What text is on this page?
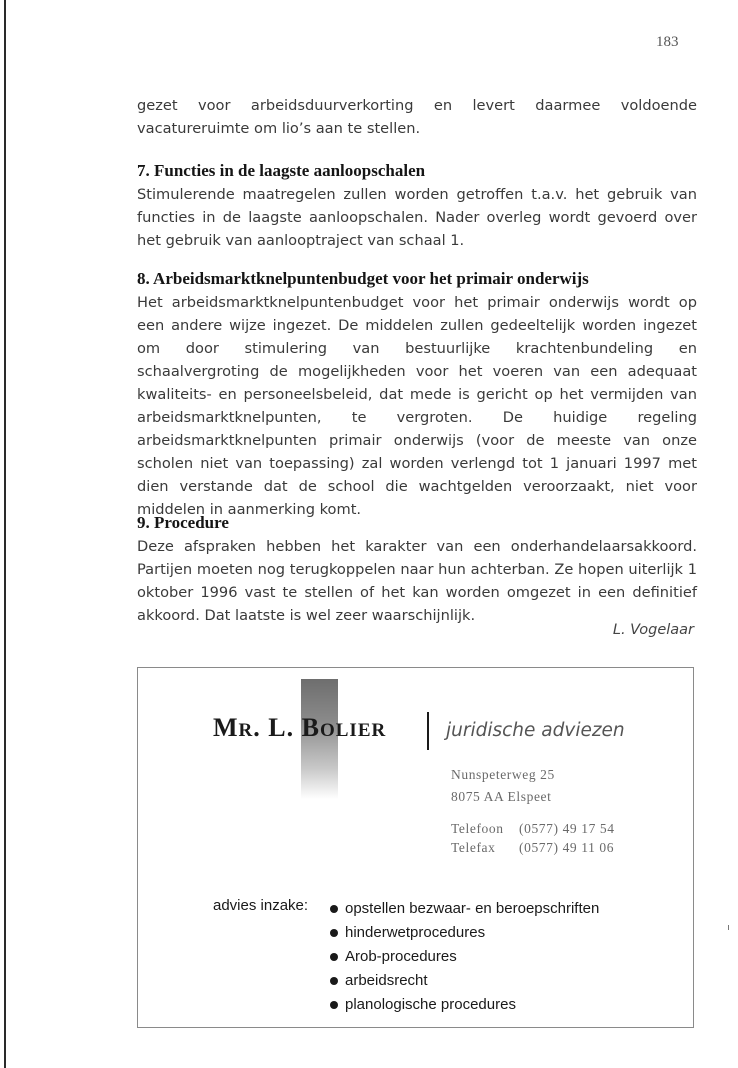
183

gezet voor arbeidsduurverkorting en levert daarmee voldoende vacatureruimte om lio’s aan te stellen.

7. Functies in de laagste aanloopschalen

Stimulerende maatregelen zullen worden getroffen t.a.v. het gebruik van functies in de laagste aanloopschalen. Nader overleg wordt gevoerd over het gebruik van aanlooptraject van schaal 1.

8. Arbeidsmarktknelpuntenbudget voor het primair onderwijs

Het arbeidsmarktknelpuntenbudget voor het primair onderwijs wordt op een andere wijze ingezet. De middelen zullen gedeeltelijk worden ingezet om door stimulering van bestuurlijke krachtenbundeling en schaalvergroting de mogelijkheden voor het voeren van een adequaat kwaliteits- en personeelsbeleid, dat mede is gericht op het vermijden van arbeidsmarktknelpunten, te vergroten. De huidige regeling arbeidsmarktknelpunten primair onderwijs (voor de meeste van onze scholen niet van toepassing) zal worden verlengd tot 1 januari 1997 met dien verstande dat de school die wachtgelden veroorzaakt, niet voor middelen in aanmerking komt.

9. Procedure

Deze afspraken hebben het karakter van een onderhandelaarsakkoord. Partijen moeten nog terugkoppelen naar hun achterban. Ze hopen uiterlijk 1 oktober 1996 vast te stellen of het kan worden omgezet in een definitief akkoord. Dat laatste is wel zeer waarschijnlijk.

L. Vogelaar
MR. L. BOLIER	juridische adviezen
Nunspeterweg 25
8075 AA Elspeet
Telefoon (0577) 49 17 54
Telefax (0577) 49 11 06
advies inzake:	opstellen bezwaar- en beroepschriften
hinderwetprocedures
Arob-procedures
arbeidsrecht
planologische procedures
